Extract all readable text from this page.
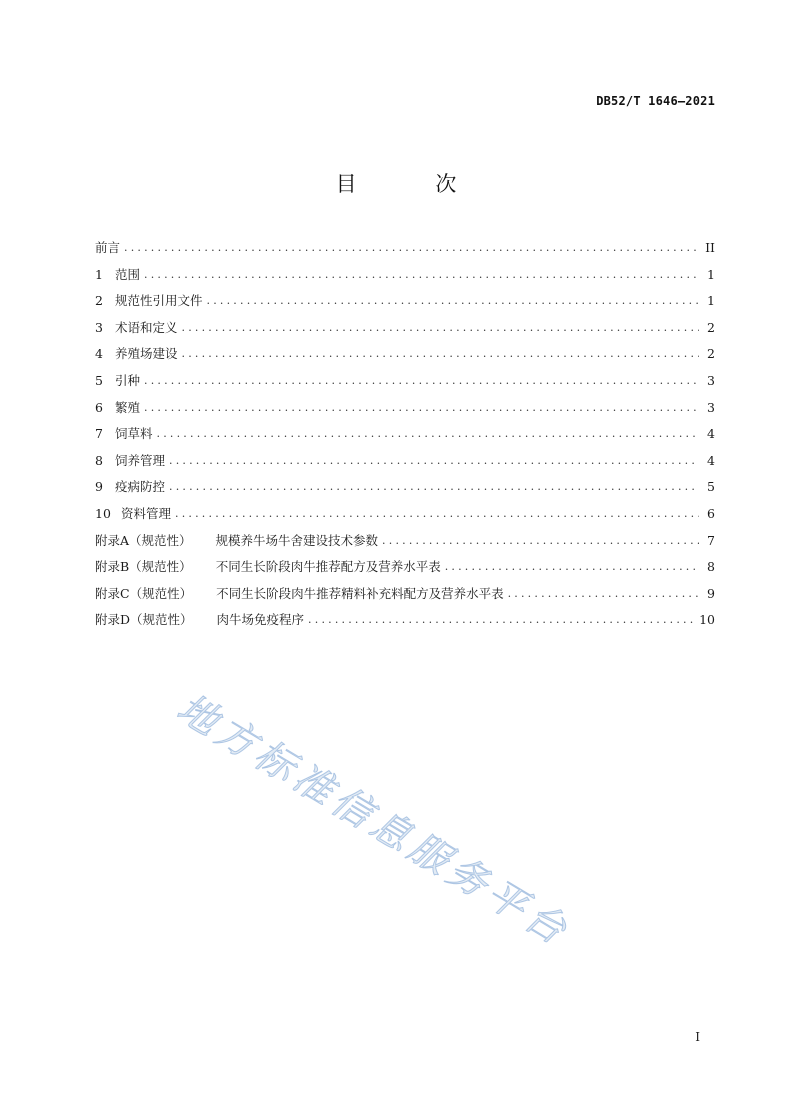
DB52/T 1646—2021
目 次
前言 .....	II
1 范围 .....	1
2 规范性引用文件 .....	1
3 术语和定义 .....	2
4 养殖场建设 .....	2
5 引种 .....	3
6 繁殖 .....	3
7 饲草料 .....	4
8 饲养管理 .....	4
9 疫病防控 .....	5
10 资料管理 .....	6
附录A（规范性） 规模养牛场牛舍建设技术参数 .....	7
附录B（规范性） 不同生长阶段肉牛推荐配方及营养水平表 .....	8
附录C（规范性） 不同生长阶段肉牛推荐精料补充料配方及营养水平表 .....	9
附录D（规范性） 肉牛场免疫程序 .....	10
地方标准信息服务平台
I
